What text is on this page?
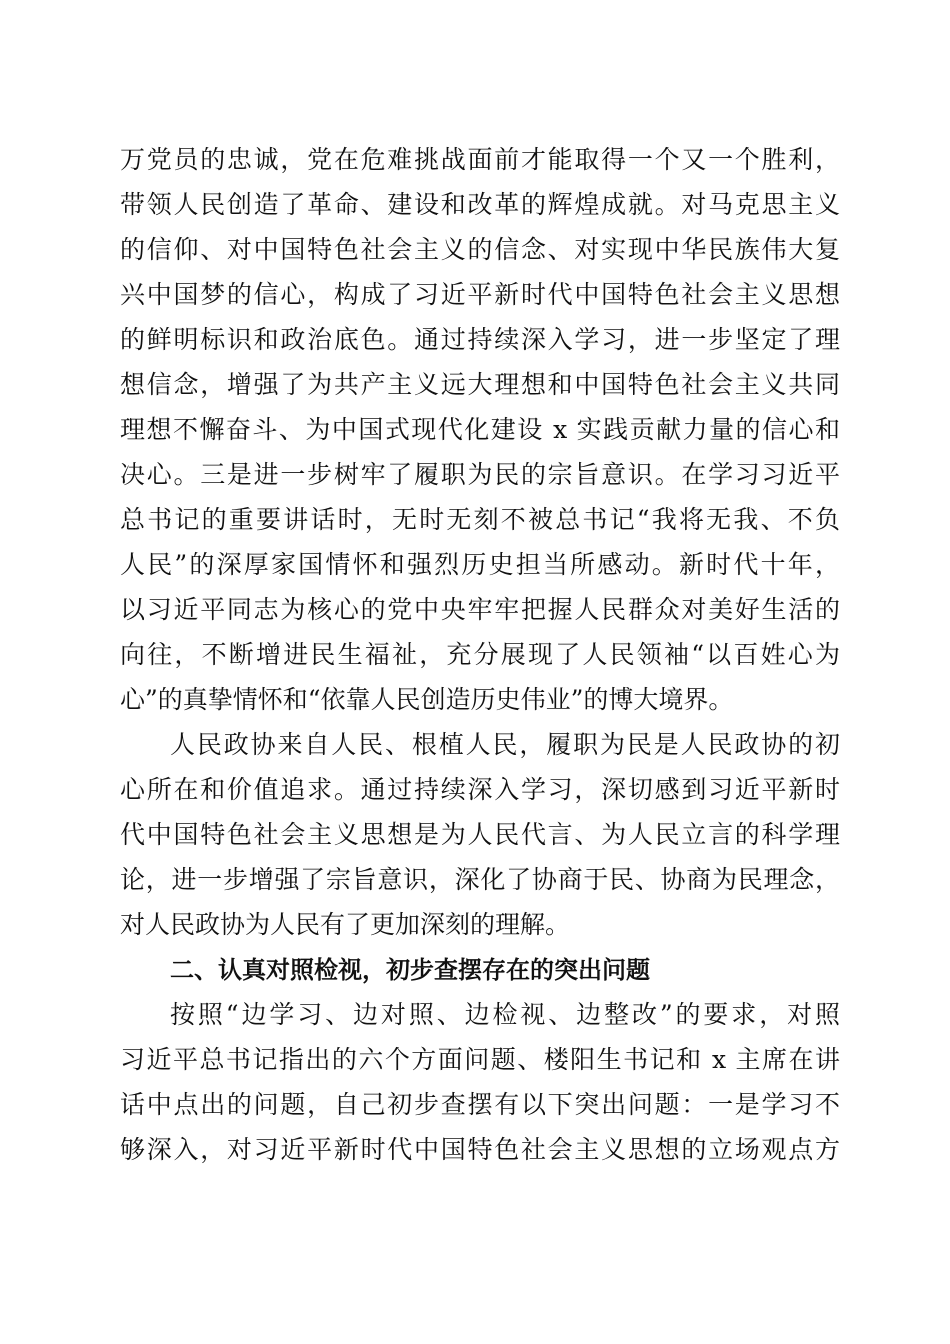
万党员的忠诚，党在危难挑战面前才能取得一个又一个胜利，
带领人民创造了革命、建设和改革的辉煌成就。对马克思主义
的信仰、对中国特色社会主义的信念、对实现中华民族伟大复
兴中国梦的信心，构成了习近平新时代中国特色社会主义思想
的鲜明标识和政治底色。通过持续深入学习，进一步坚定了理
想信念，增强了为共产主义远大理想和中国特色社会主义共同
理想不懈奋斗、为中国式现代化建设 x 实践贡献力量的信心和
决心。三是进一步树牢了履职为民的宗旨意识。在学习习近平
总书记的重要讲话时，无时无刻不被总书记“我将无我、不负
人民”的深厚家国情怀和强烈历史担当所感动。新时代十年，
以习近平同志为核心的党中央牢牢把握人民群众对美好生活的
向往，不断增进民生福祉，充分展现了人民领袖“以百姓心为
心”的真挚情怀和“依靠人民创造历史伟业”的博大境界。
人民政协来自人民、根植人民，履职为民是人民政协的初
心所在和价值追求。通过持续深入学习，深切感到习近平新时
代中国特色社会主义思想是为人民代言、为人民立言的科学理
论，进一步增强了宗旨意识，深化了协商于民、协商为民理念，
对人民政协为人民有了更加深刻的理解。
二、认真对照检视，初步查摆存在的突出问题
按照“边学习、边对照、边检视、边整改”的要求，对照
习近平总书记指出的六个方面问题、楼阳生书记和 x 主席在讲
话中点出的问题，自己初步查摆有以下突出问题：一是学习不
够深入，对习近平新时代中国特色社会主义思想的立场观点方
